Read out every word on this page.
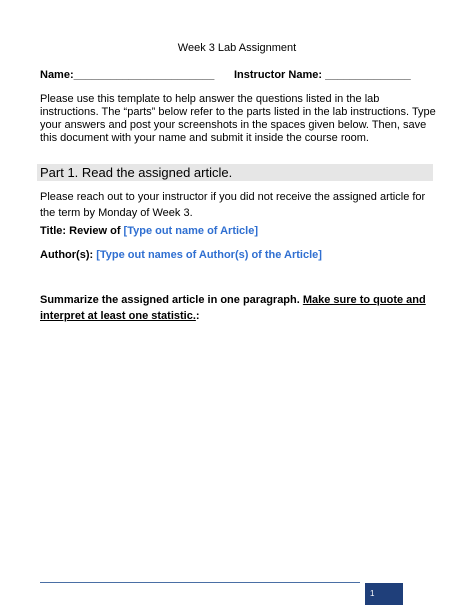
Week 3 Lab Assignment
Name:_______________________ Instructor Name: ______________
Please use this template to help answer the questions listed in the lab instructions. The “parts” below refer to the parts listed in the lab instructions. Type your answers and post your screenshots in the spaces given below. Then, save this document with your name and submit it inside the course room.
Part 1. Read the assigned article.
Please reach out to your instructor if you did not receive the assigned article for the term by Monday of Week 3.
Title: Review of [Type out name of Article]
Author(s): [Type out names of Author(s) of the Article]
Summarize the assigned article in one paragraph. Make sure to quote and interpret at least one statistic.:
1
